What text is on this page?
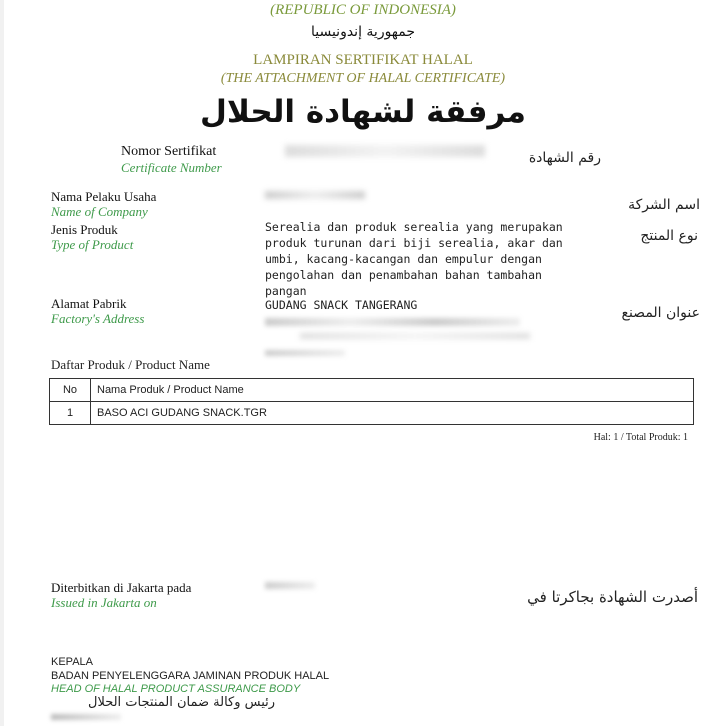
(REPUBLIC OF INDONESIA)
جمهورية إندونيسيا
LAMPIRAN SERTIFIKAT HALAL
(THE ATTACHMENT OF HALAL CERTIFICATE)
مرفقة لشهادة الحلال
Nomor Sertifikat
Certificate Number
رقم الشهادة
Nama Pelaku Usaha
Name of Company	اسم الشركة
Jenis Produk
Type of Product
Serealia dan produk serealia yang merupakan
produk turunan dari biji serealia, akar dan
umbi, kacang-kacangan dan empulur dengan
pengolahan dan penambahan bahan tambahan
pangan
نوع المنتج
Alamat Pabrik
Factory's Address
GUDANG SNACK TANGERANG	عنوان المصنع
Daftar Produk / Product Name
No	Nama Produk / Product Name
1	BASO ACI GUDANG SNACK.TGR
Hal: 1 / Total Produk: 1
Diterbitkan di Jakarta pada
Issued in Jakarta on	أصدرت الشهادة بجاكرتا في
KEPALA
BADAN PENYELENGGARA JAMINAN PRODUK HALAL
HEAD OF HALAL PRODUCT ASSURANCE BODY
رئيس وكالة ضمان المنتجات الحلال
